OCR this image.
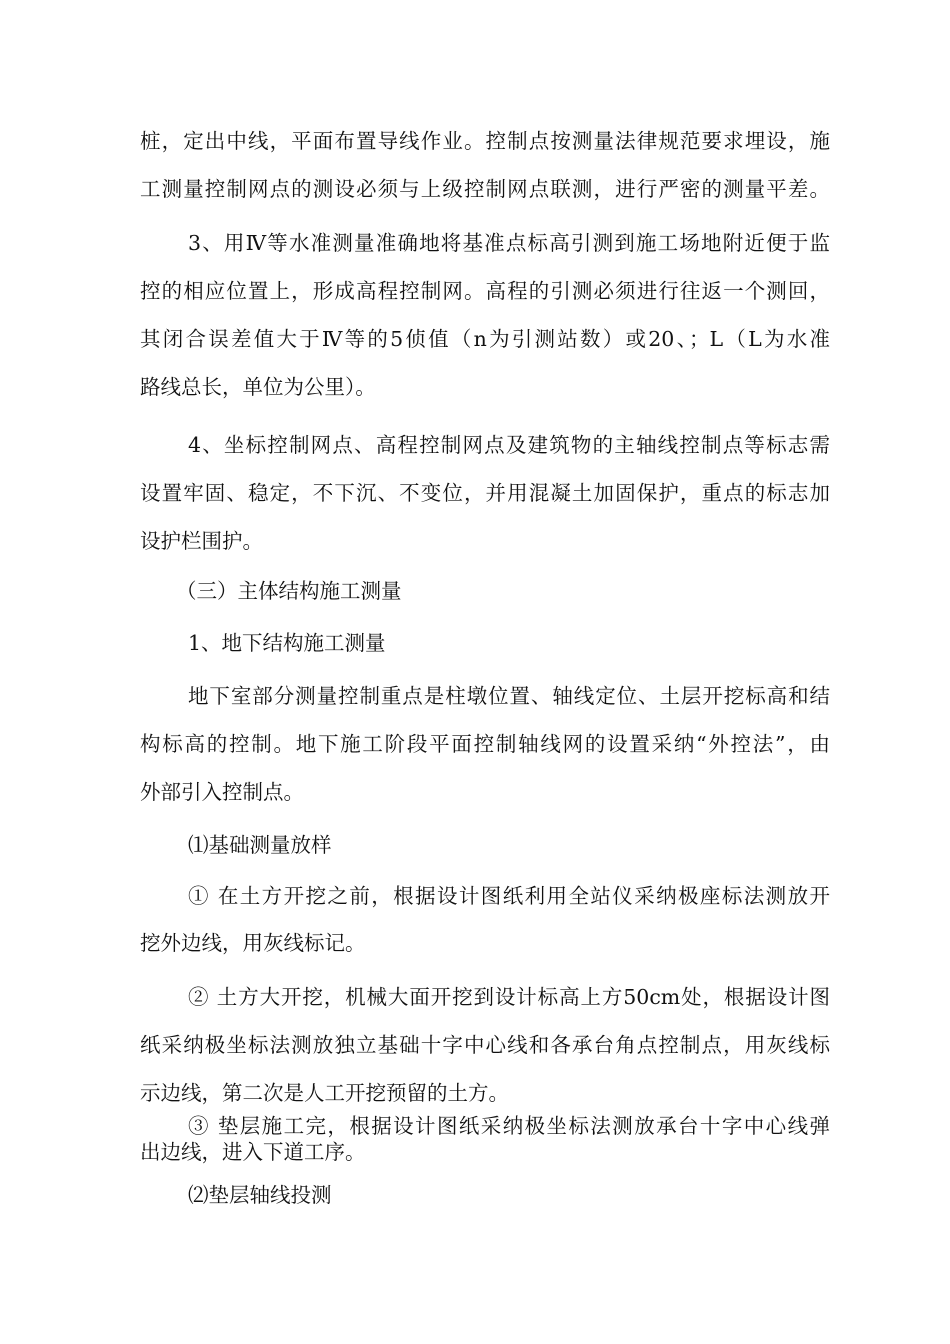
桩，定出中线，平面布置导线作业。控制点按测量法律规范要求埋设，施
工测量控制网点的测设必须与上级控制网点联测，进行严密的测量平差。
3、用Ⅳ等水准测量准确地将基准点标高引测到施工场地附近便于监
控的相应位置上，形成高程控制网。高程的引测必须进行往返一个测回，
其闭合误差值大于Ⅳ等的5侦值（n为引测站数）或20、；L（L为水准
路线总长，单位为公里）。
4、坐标控制网点、高程控制网点及建筑物的主轴线控制点等标志需
设置牢固、稳定，不下沉、不变位，并用混凝土加固保护，重点的标志加
设护栏围护。
（三）主体结构施工测量
1、地下结构施工测量
地下室部分测量控制重点是柱墩位置、轴线定位、土层开挖标高和结
构标高的控制。地下施工阶段平面控制轴线网的设置采纳“外控法”，由
外部引入控制点。
⑴基础测量放样
① 在土方开挖之前，根据设计图纸利用全站仪采纳极座标法测放开
挖外边线，用灰线标记。
② 土方大开挖，机械大面开挖到设计标高上方50cm处，根据设计图
纸采纳极坐标法测放独立基础十字中心线和各承台角点控制点，用灰线标
示边线，第二次是人工开挖预留的土方。
③ 垫层施工完，根据设计图纸采纳极坐标法测放承台十字中心线弹
出边线，进入下道工序。
⑵垫层轴线投测
